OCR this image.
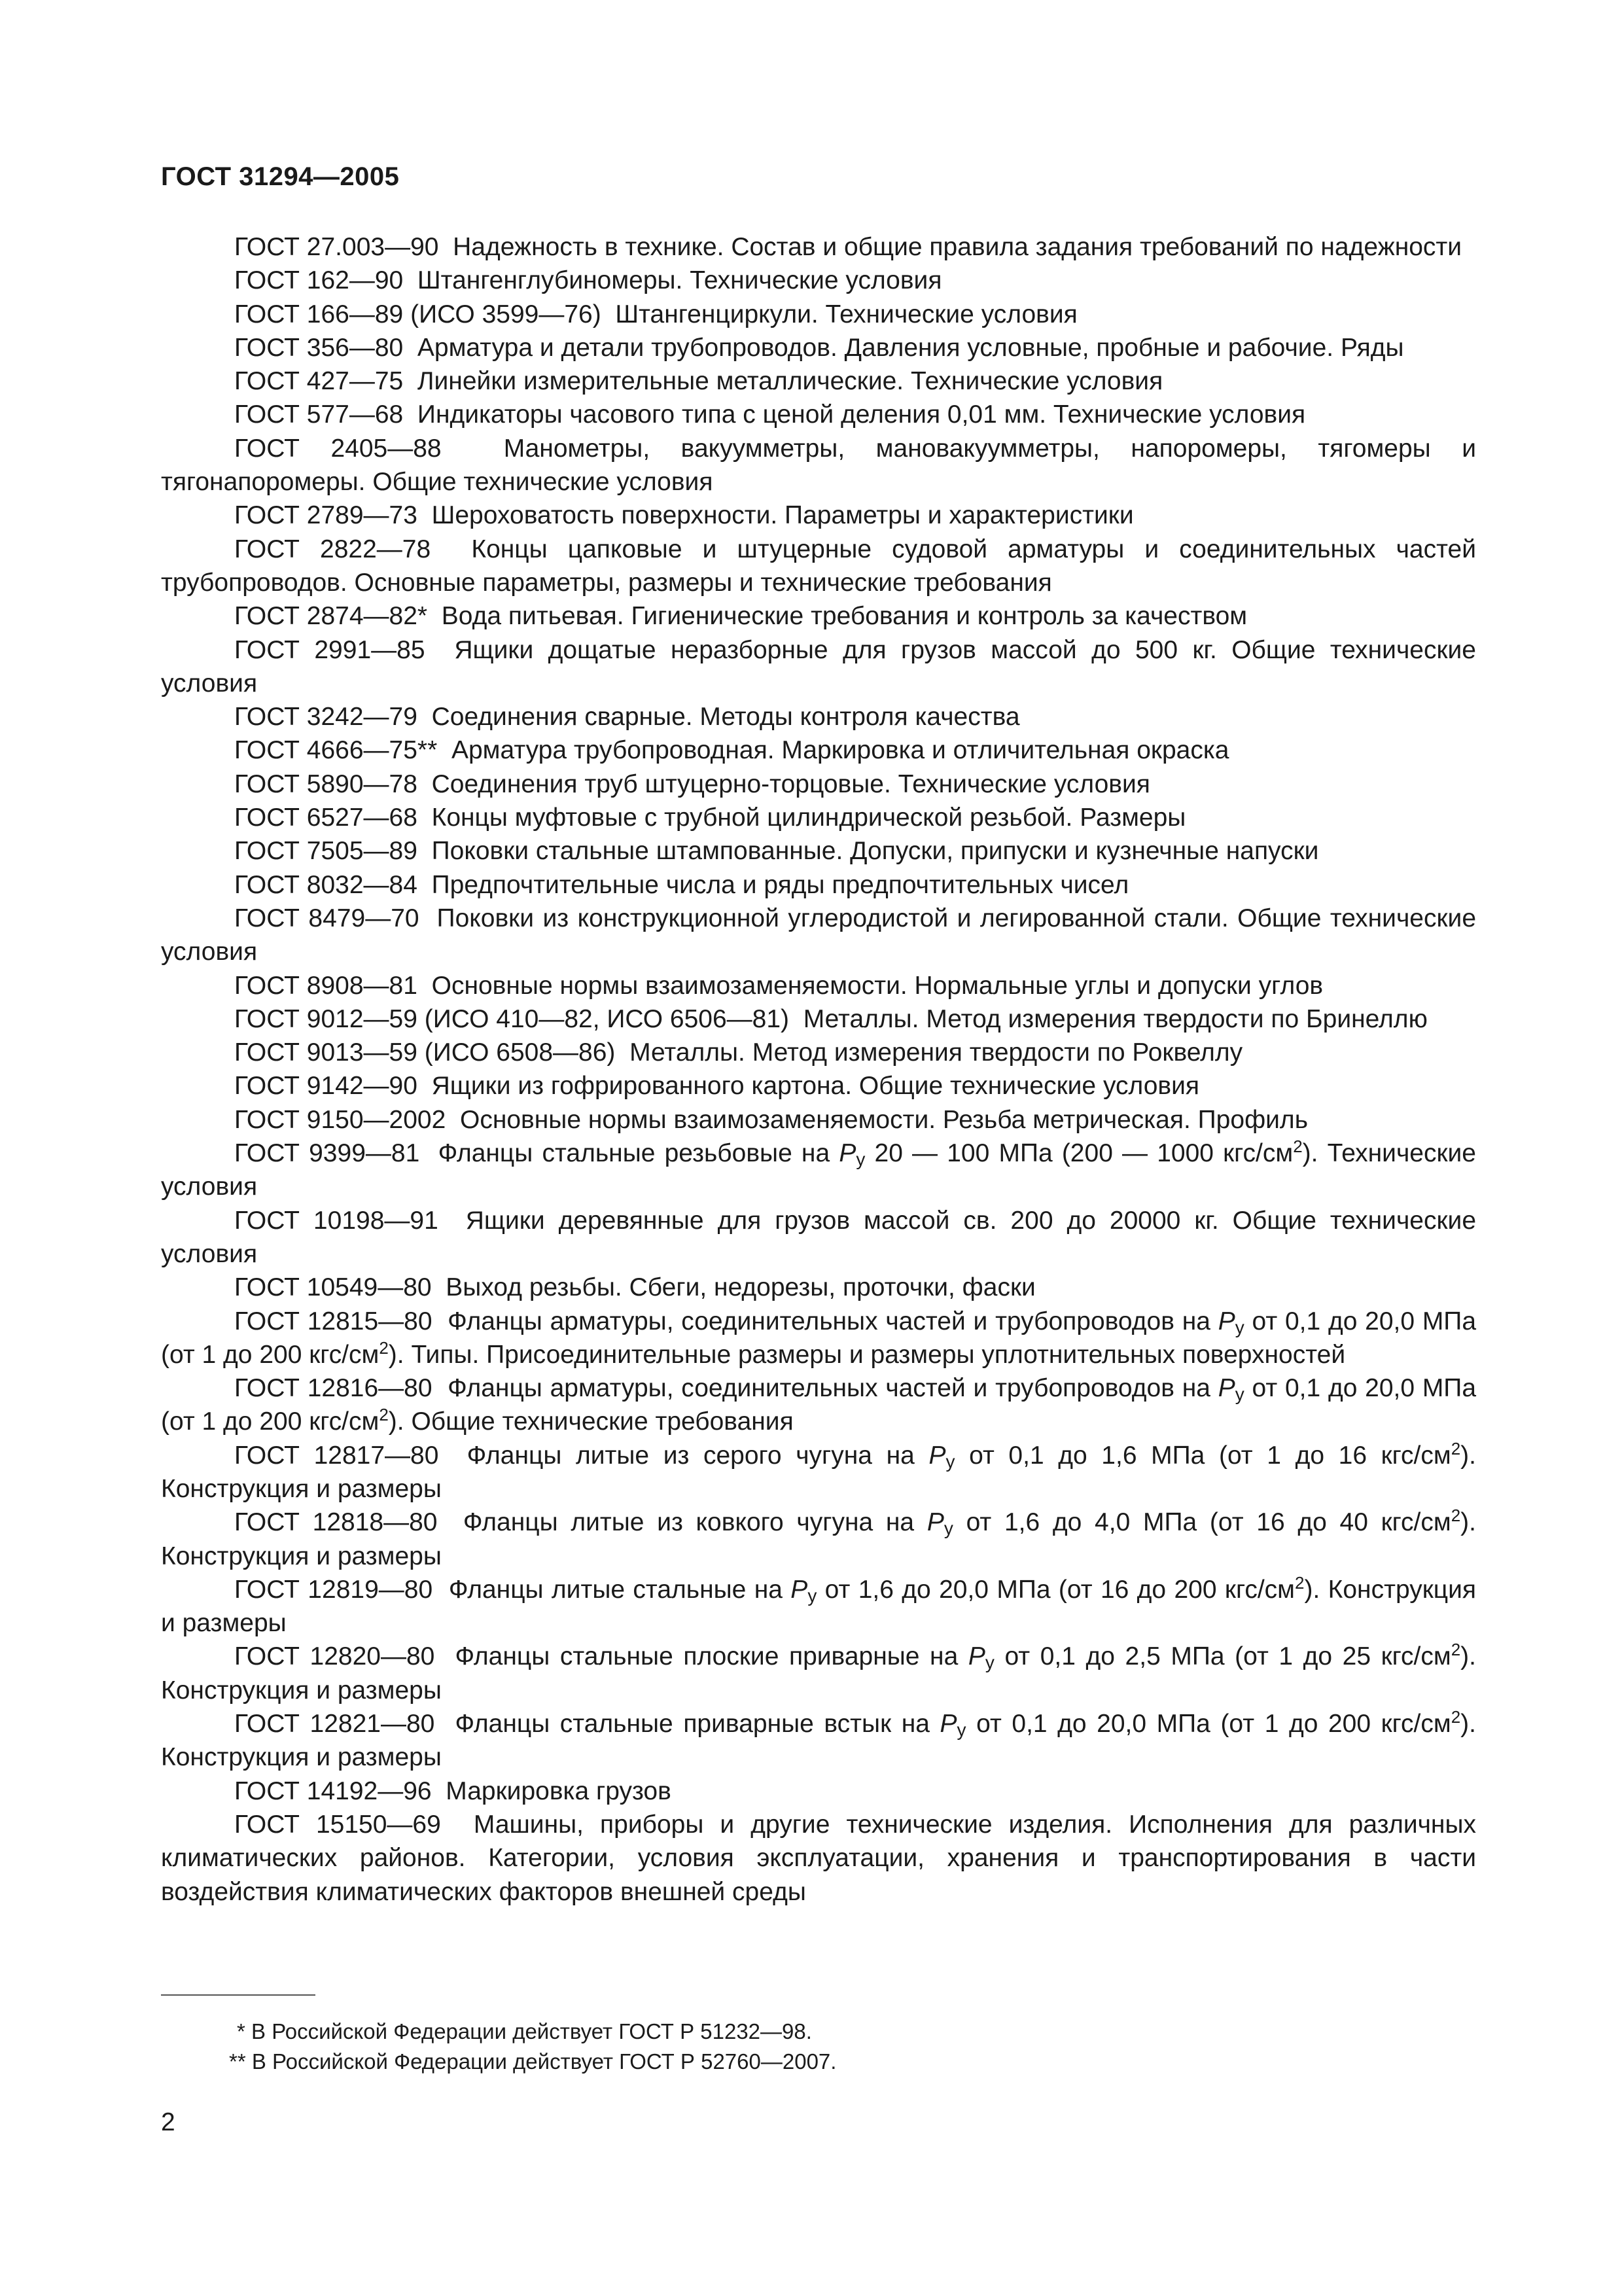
ГОСТ 31294—2005

ГОСТ 27.003—90 Надежность в технике. Состав и общие правила задания требований по надежности

ГОСТ 162—90 Штангенглубиномеры. Технические условия

ГОСТ 166—89 (ИСО 3599—76) Штангенциркули. Технические условия

ГОСТ 356—80 Арматура и детали трубопроводов. Давления условные, пробные и рабочие. Ряды

ГОСТ 427—75 Линейки измерительные металлические. Технические условия

ГОСТ 577—68 Индикаторы часового типа с ценой деления 0,01 мм. Технические условия

ГОСТ 2405—88 Манометры, вакуумметры, мановакуумметры, напоромеры, тягомеры и тягонапоромеры. Общие технические условия

ГОСТ 2789—73 Шероховатость поверхности. Параметры и характеристики

ГОСТ 2822—78 Концы цапковые и штуцерные судовой арматуры и соединительных частей трубопроводов. Основные параметры, размеры и технические требования

ГОСТ 2874—82* Вода питьевая. Гигиенические требования и контроль за качеством

ГОСТ 2991—85 Ящики дощатые неразборные для грузов массой до 500 кг. Общие технические условия

ГОСТ 3242—79 Соединения сварные. Методы контроля качества

ГОСТ 4666—75** Арматура трубопроводная. Маркировка и отличительная окраска

ГОСТ 5890—78 Соединения труб штуцерно-торцовые. Технические условия

ГОСТ 6527—68 Концы муфтовые с трубной цилиндрической резьбой. Размеры

ГОСТ 7505—89 Поковки стальные штампованные. Допуски, припуски и кузнечные напуски

ГОСТ 8032—84 Предпочтительные числа и ряды предпочтительных чисел

ГОСТ 8479—70 Поковки из конструкционной углеродистой и легированной стали. Общие технические условия

ГОСТ 8908—81 Основные нормы взаимозаменяемости. Нормальные углы и допуски углов

ГОСТ 9012—59 (ИСО 410—82, ИСО 6506—81) Металлы. Метод измерения твердости по Бринеллю

ГОСТ 9013—59 (ИСО 6508—86) Металлы. Метод измерения твердости по Роквеллу

ГОСТ 9142—90 Ящики из гофрированного картона. Общие технические условия

ГОСТ 9150—2002 Основные нормы взаимозаменяемости. Резьба метрическая. Профиль

ГОСТ 9399—81 Фланцы стальные резьбовые на $P_у$ 20 — 100 МПа (200 — 1000 кгс/$см^2$). Технические условия

ГОСТ 10198—91 Ящики деревянные для грузов массой св. 200 до 20000 кг. Общие технические условия

ГОСТ 10549—80 Выход резьбы. Сбеги, недорезы, проточки, фаски

ГОСТ 12815—80 Фланцы арматуры, соединительных частей и трубопроводов на $P_у$ от 0,1 до 20,0 МПа (от 1 до 200 кгс/$см^2$). Типы. Присоединительные размеры и размеры уплотнительных поверхностей

ГОСТ 12816—80 Фланцы арматуры, соединительных частей и трубопроводов на $P_у$ от 0,1 до 20,0 МПа (от 1 до 200 кгс/$см^2$). Общие технические требования

ГОСТ 12817—80 Фланцы литые из серого чугуна на $P_у$ от 0,1 до 1,6 МПа (от 1 до 16 кгс/$см^2$). Конструкция и размеры

ГОСТ 12818—80 Фланцы литые из ковкого чугуна на $P_у$ от 1,6 до 4,0 МПа (от 16 до 40 кгс/$см^2$). Конструкция и размеры

ГОСТ 12819—80 Фланцы литые стальные на $P_у$ от 1,6 до 20,0 МПа (от 16 до 200 кгс/$см^2$). Конструкция и размеры

ГОСТ 12820—80 Фланцы стальные плоские приварные на $P_у$ от 0,1 до 2,5 МПа (от 1 до 25 кгс/$см^2$). Конструкция и размеры

ГОСТ 12821—80 Фланцы стальные приварные встык на $P_у$ от 0,1 до 20,0 МПа (от 1 до 200 кгс/$см^2$). Конструкция и размеры

ГОСТ 14192—96 Маркировка грузов

ГОСТ 15150—69 Машины, приборы и другие технические изделия. Исполнения для различных климатических районов. Категории, условия эксплуатации, хранения и транспортирования в части воздействия климатических факторов внешней среды

* В Российской Федерации действует ГОСТ Р 51232—98.

** В Российской Федерации действует ГОСТ Р 52760—2007.

2
